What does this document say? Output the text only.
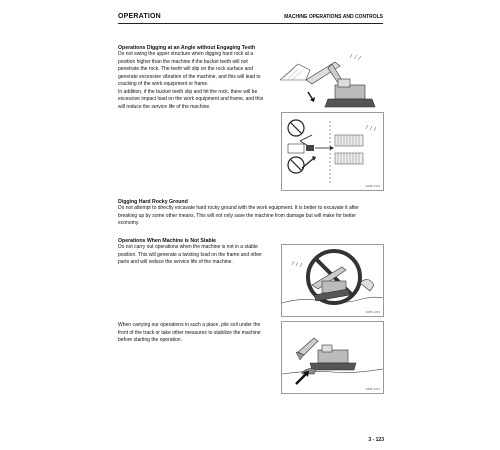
OPERATION	MACHINE OPERATIONS AND CONTROLS
Operations Digging at an Angle without Engaging Teeth
Do not swing the upper structure when digging hard rock at a
position higher than the machine if the bucket teeth will not
penetrate the rock. The teeth will slip on the rock surface and
generate excessive vibration of the machine, and this will lead to
cracking of the work equipment or frame.
In addition, if the bucket teeth slip and hit the rock, there will be
excessive impact load on the work equipment and frame, and this
will reduce the service life of the machine.
SJ05 1472
Digging Hard Rocky Ground
Do not attempt to directly excavate hard rocky ground with the work equipment. It is better to excavate it after
breaking up by some other means. This will not only save the machine from damage but will make for better
economy.
Operations When Machine is Not Stable
Do not carry out operations when the machine is not in a stable
position. This will generate a twisting load on the frame and other
parts and will reduce the service life of the machine.
SJ05 1473
When carrying our operations in such a place, pile soil under the
front of the track or take other measures to stabilize the machine
before starting the operation.
SJ05 1471
3 - 123
